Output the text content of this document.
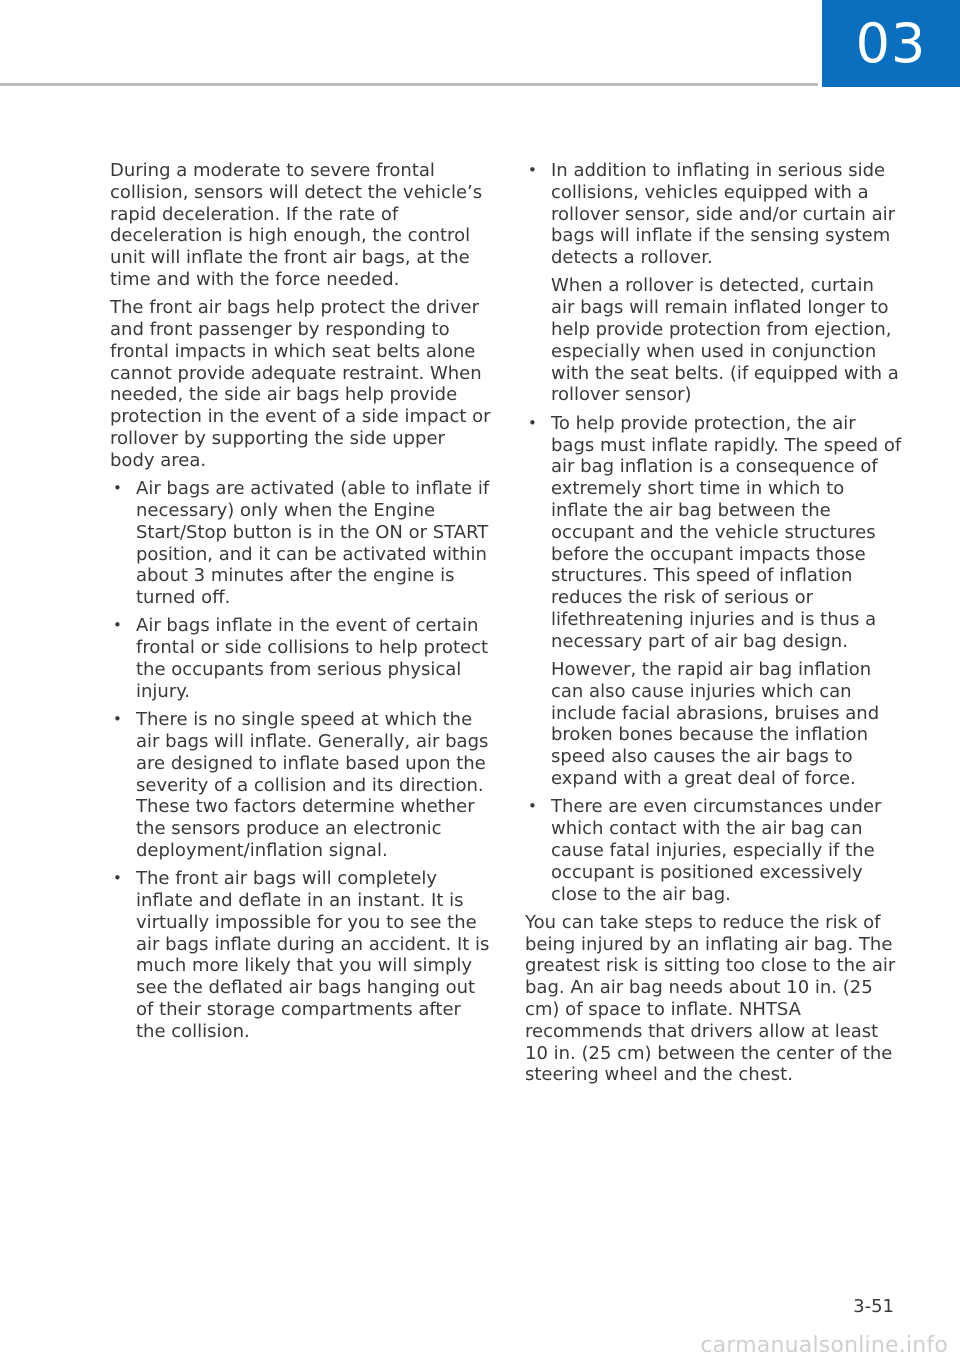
03

During a moderate to severe frontal collision, sensors will detect the vehicle’s rapid deceleration. If the rate of deceleration is high enough, the control unit will inflate the front air bags, at the time and with the force needed.

The front air bags help protect the driver and front passenger by responding to frontal impacts in which seat belts alone cannot provide adequate restraint. When needed, the side air bags help provide protection in the event of a side impact or rollover by supporting the side upper body area.

• Air bags are activated (able to inflate if necessary) only when the Engine Start/Stop button is in the ON or START position, and it can be activated within about 3 minutes after the engine is turned off.
• Air bags inflate in the event of certain frontal or side collisions to help protect the occupants from serious physical injury.
• There is no single speed at which the air bags will inflate. Generally, air bags are designed to inflate based upon the severity of a collision and its direction. These two factors determine whether the sensors produce an electronic deployment/inflation signal.
• The front air bags will completely inflate and deflate in an instant. It is virtually impossible for you to see the air bags inflate during an accident. It is much more likely that you will simply see the deflated air bags hanging out of their storage compartments after the collision.
• In addition to inflating in serious side collisions, vehicles equipped with a rollover sensor, side and/or curtain air bags will inflate if the sensing system detects a rollover.

When a rollover is detected, curtain air bags will remain inflated longer to help provide protection from ejection, especially when used in conjunction with the seat belts. (if equipped with a rollover sensor)

• To help provide protection, the air bags must inflate rapidly. The speed of air bag inflation is a consequence of extremely short time in which to inflate the air bag between the occupant and the vehicle structures before the occupant impacts those structures. This speed of inflation reduces the risk of serious or lifethreatening injuries and is thus a necessary part of air bag design.

However, the rapid air bag inflation can also cause injuries which can include facial abrasions, bruises and broken bones because the inflation speed also causes the air bags to expand with a great deal of force.

• There are even circumstances under which contact with the air bag can cause fatal injuries, especially if the occupant is positioned excessively close to the air bag.

You can take steps to reduce the risk of being injured by an inflating air bag. The greatest risk is sitting too close to the air bag. An air bag needs about 10 in. (25 cm) of space to inflate. NHTSA recommends that drivers allow at least 10 in. (25 cm) between the center of the steering wheel and the chest.

3-51
carmanualsonline.info
